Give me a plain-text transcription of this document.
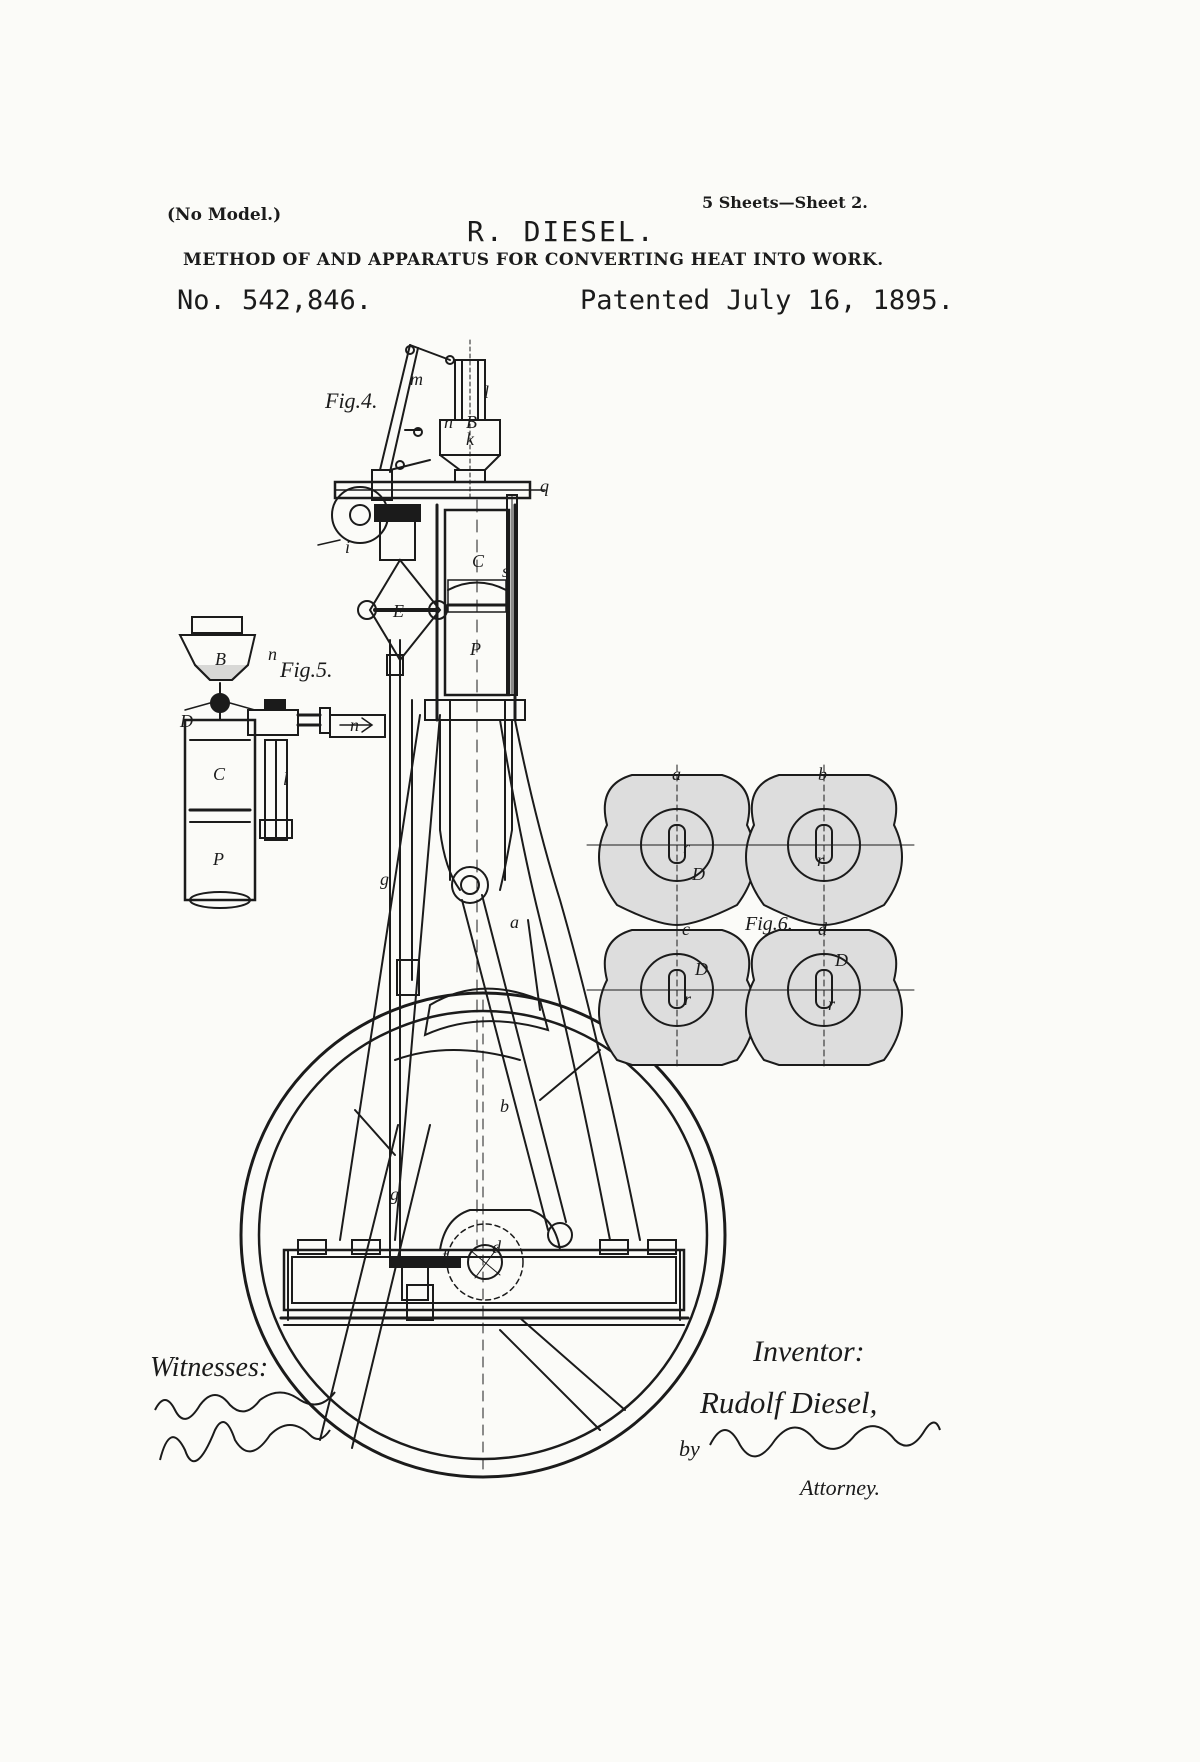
(No Model.)
5 Sheets—Sheet 2.
R. DIESEL.
METHOD OF AND APPARATUS FOR CONVERTING HEAT INTO WORK.
No. 542,846.	Patented July 16, 1895.
Fig.4.
Fig.5.
Fig.6.
a	b
c	d
l
m
n B
k
q
C s
E
P
g
a
b
g
d
f
i
n
B
D
C
P
l
n
r
r
r	r
D
D	D
Witnesses:	Inventor:
Rudolf Diesel,
by
Attorney.
